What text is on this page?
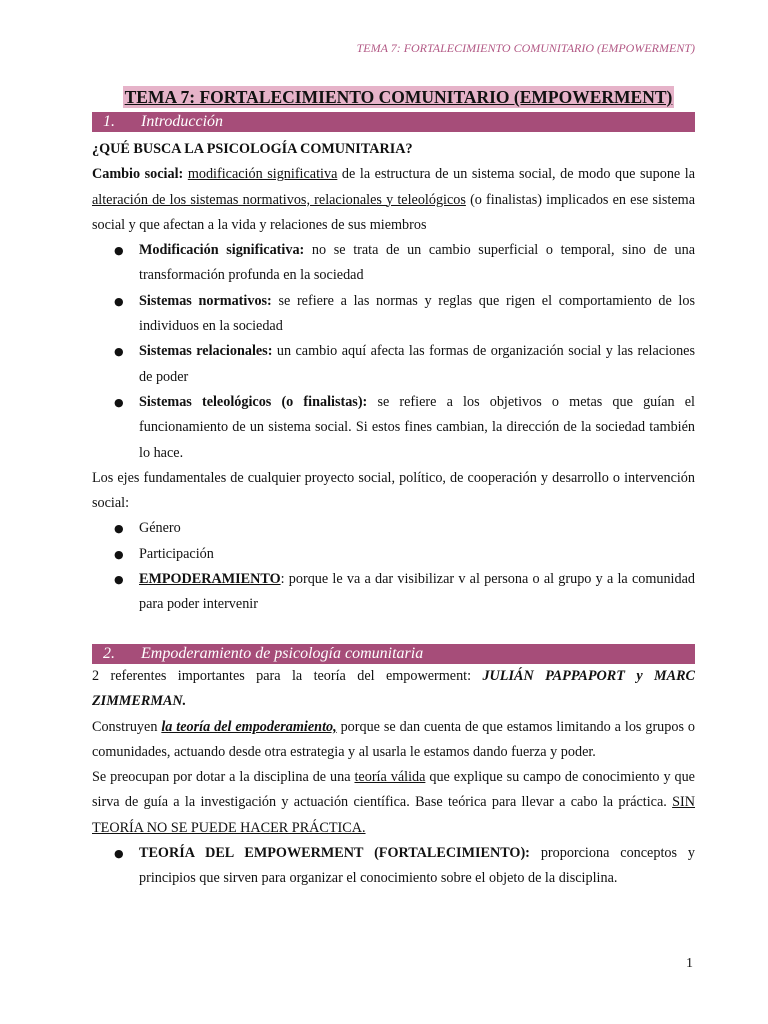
TEMA 7: FORTALECIMIENTO COMUNITARIO (EMPOWERMENT)
TEMA 7: FORTALECIMIENTO COMUNITARIO (EMPOWERMENT)
1. Introducción

¿QUÉ BUSCA LA PSICOLOGÍA COMUNITARIA?

Cambio social: modificación significativa de la estructura de un sistema social, de modo que supone la alteración de los sistemas normativos, relacionales y teleológicos (o finalistas) implicados en ese sistema social y que afectan a la vida y relaciones de sus miembros

● Modificación significativa: no se trata de un cambio superficial o temporal, sino de una transformación profunda en la sociedad
● Sistemas normativos: se refiere a las normas y reglas que rigen el comportamiento de los individuos en la sociedad
● Sistemas relacionales: un cambio aquí afecta las formas de organización social y las relaciones de poder
● Sistemas teleológicos (o finalistas): se refiere a los objetivos o metas que guían el funcionamiento de un sistema social. Si estos fines cambian, la dirección de la sociedad también lo hace.

Los ejes fundamentales de cualquier proyecto social, político, de cooperación y desarrollo o intervención social:

● Género
● Participación
● EMPODERAMIENTO: porque le va a dar visibilizar v al persona o al grupo y a la comunidad para poder intervenir
2. Empoderamiento de psicología comunitaria

2 referentes importantes para la teoría del empowerment: JULIÁN PAPPAPORT y MARC ZIMMERMAN.

Construyen la teoría del empoderamiento, porque se dan cuenta de que estamos limitando a los grupos o comunidades, actuando desde otra estrategia y al usarla le estamos dando fuerza y poder.

Se preocupan por dotar a la disciplina de una teoría válida que explique su campo de conocimiento y que sirva de guía a la investigación y actuación científica. Base teórica para llevar a cabo la práctica. SIN TEORÍA NO SE PUEDE HACER PRÁCTICA.

● TEORÍA DEL EMPOWERMENT (FORTALECIMIENTO): proporciona conceptos y principios que sirven para organizar el conocimiento sobre el objeto de la disciplina.
1
